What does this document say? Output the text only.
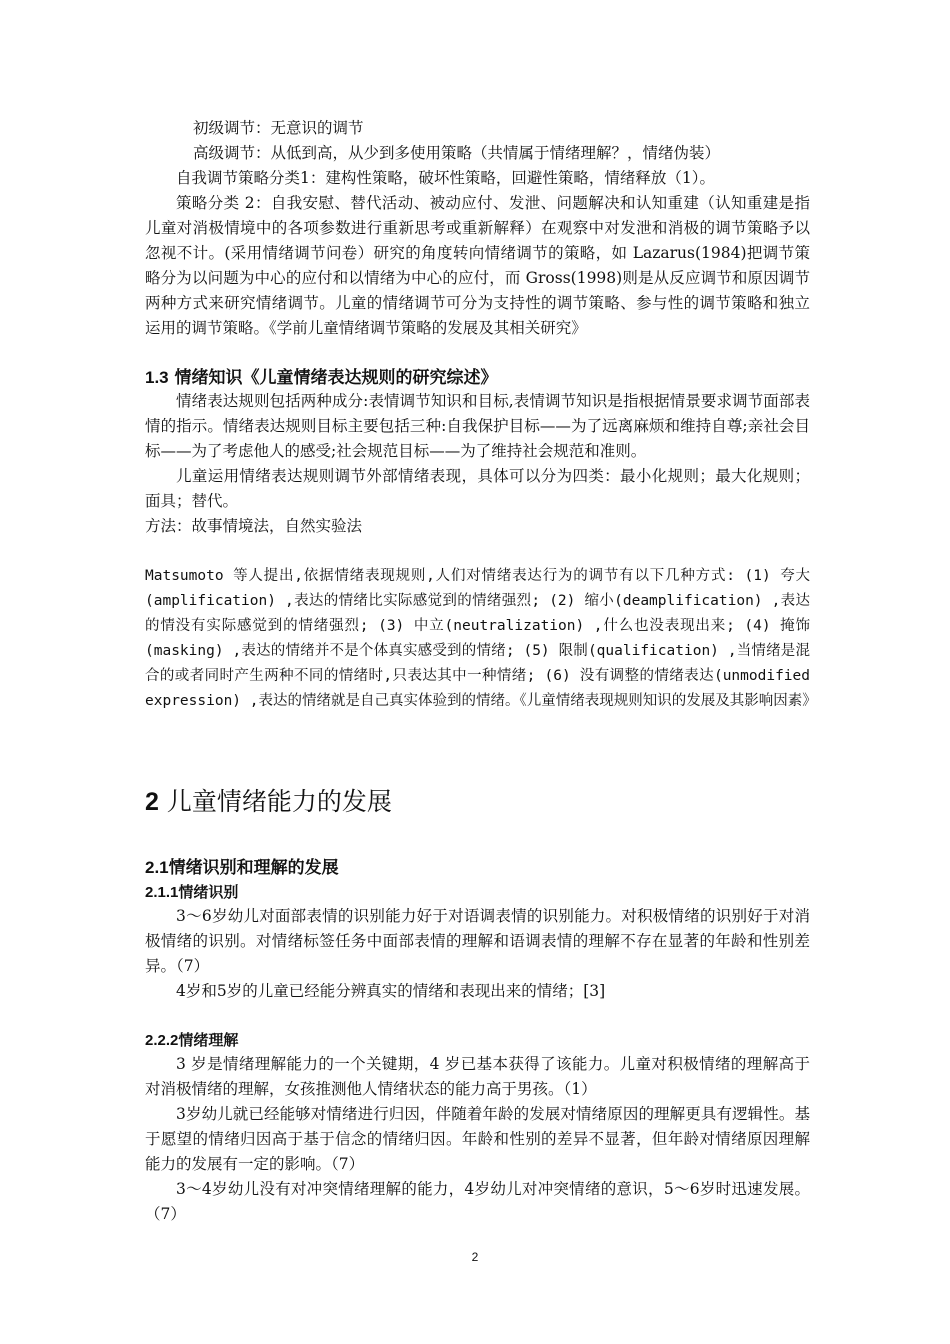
初级调节：无意识的调节

高级调节：从低到高，从少到多使用策略（共情属于情绪理解？，情绪伪装）

自我调节策略分类1：建构性策略，破坏性策略，回避性策略，情绪释放（1）。

策略分类 2：自我安慰、替代活动、被动应付、发泄、问题解决和认知重建（认知重建是指儿童对消极情境中的各项参数进行重新思考或重新解释）在观察中对发泄和消极的调节策略予以忽视不计。(采用情绪调节问卷）研究的角度转向情绪调节的策略，如 Lazarus(1984)把调节策略分为以问题为中心的应付和以情绪为中心的应付，而 Gross(1998)则是从反应调节和原因调节两种方式来研究情绪调节。儿童的情绪调节可分为支持性的调节策略、参与性的调节策略和独立运用的调节策略。《学前儿童情绪调节策略的发展及其相关研究》

1.3 情绪知识《儿童情绪表达规则的研究综述》

情绪表达规则包括两种成分:表情调节知识和目标,表情调节知识是指根据情景要求调节面部表情的指示。情绪表达规则目标主要包括三种:自我保护目标——为了远离麻烦和维持自尊;亲社会目标——为了考虑他人的感受;社会规范目标——为了维持社会规范和准则。

儿童运用情绪表达规则调节外部情绪表现，具体可以分为四类：最小化规则；最大化规则；面具；替代。

方法：故事情境法，自然实验法

Matsumoto 等人提出,依据情绪表现规则,人们对情绪表达行为的调节有以下几种方式: (1) 夸大(amplification) ,表达的情绪比实际感觉到的情绪强烈; (2) 缩小(deamplification) ,表达的情没有实际感觉到的情绪强烈; (3) 中立(neutralization) ,什么也没表现出来; (4) 掩饰(masking) ,表达的情绪并不是个体真实感受到的情绪; (5) 限制(qualification) ,当情绪是混合的或者同时产生两种不同的情绪时,只表达其中一种情绪; (6) 没有调整的情绪表达(unmodified expression) ,表达的情绪就是自己真实体验到的情绪。《儿童情绪表现规则知识的发展及其影响因素》

2 儿童情绪能力的发展
2.1情绪识别和理解的发展
2.1.1情绪识别

3～6岁幼儿对面部表情的识别能力好于对语调表情的识别能力。对积极情绪的识别好于对消极情绪的识别。对情绪标签任务中面部表情的理解和语调表情的理解不存在显著的年龄和性别差异。（7）

4岁和5岁的儿童已经能分辨真实的情绪和表现出来的情绪；[3]

2.2.2情绪理解

3 岁是情绪理解能力的一个关键期，4 岁已基本获得了该能力。儿童对积极情绪的理解高于对消极情绪的理解，女孩推测他人情绪状态的能力高于男孩。（1）

3岁幼儿就已经能够对情绪进行归因，伴随着年龄的发展对情绪原因的理解更具有逻辑性。基于愿望的情绪归因高于基于信念的情绪归因。年龄和性别的差异不显著，但年龄对情绪原因理解能力的发展有一定的影响。（7）

3～4岁幼儿没有对冲突情绪理解的能力，4岁幼儿对冲突情绪的意识，5～6岁时迅速发展。（7）

2
